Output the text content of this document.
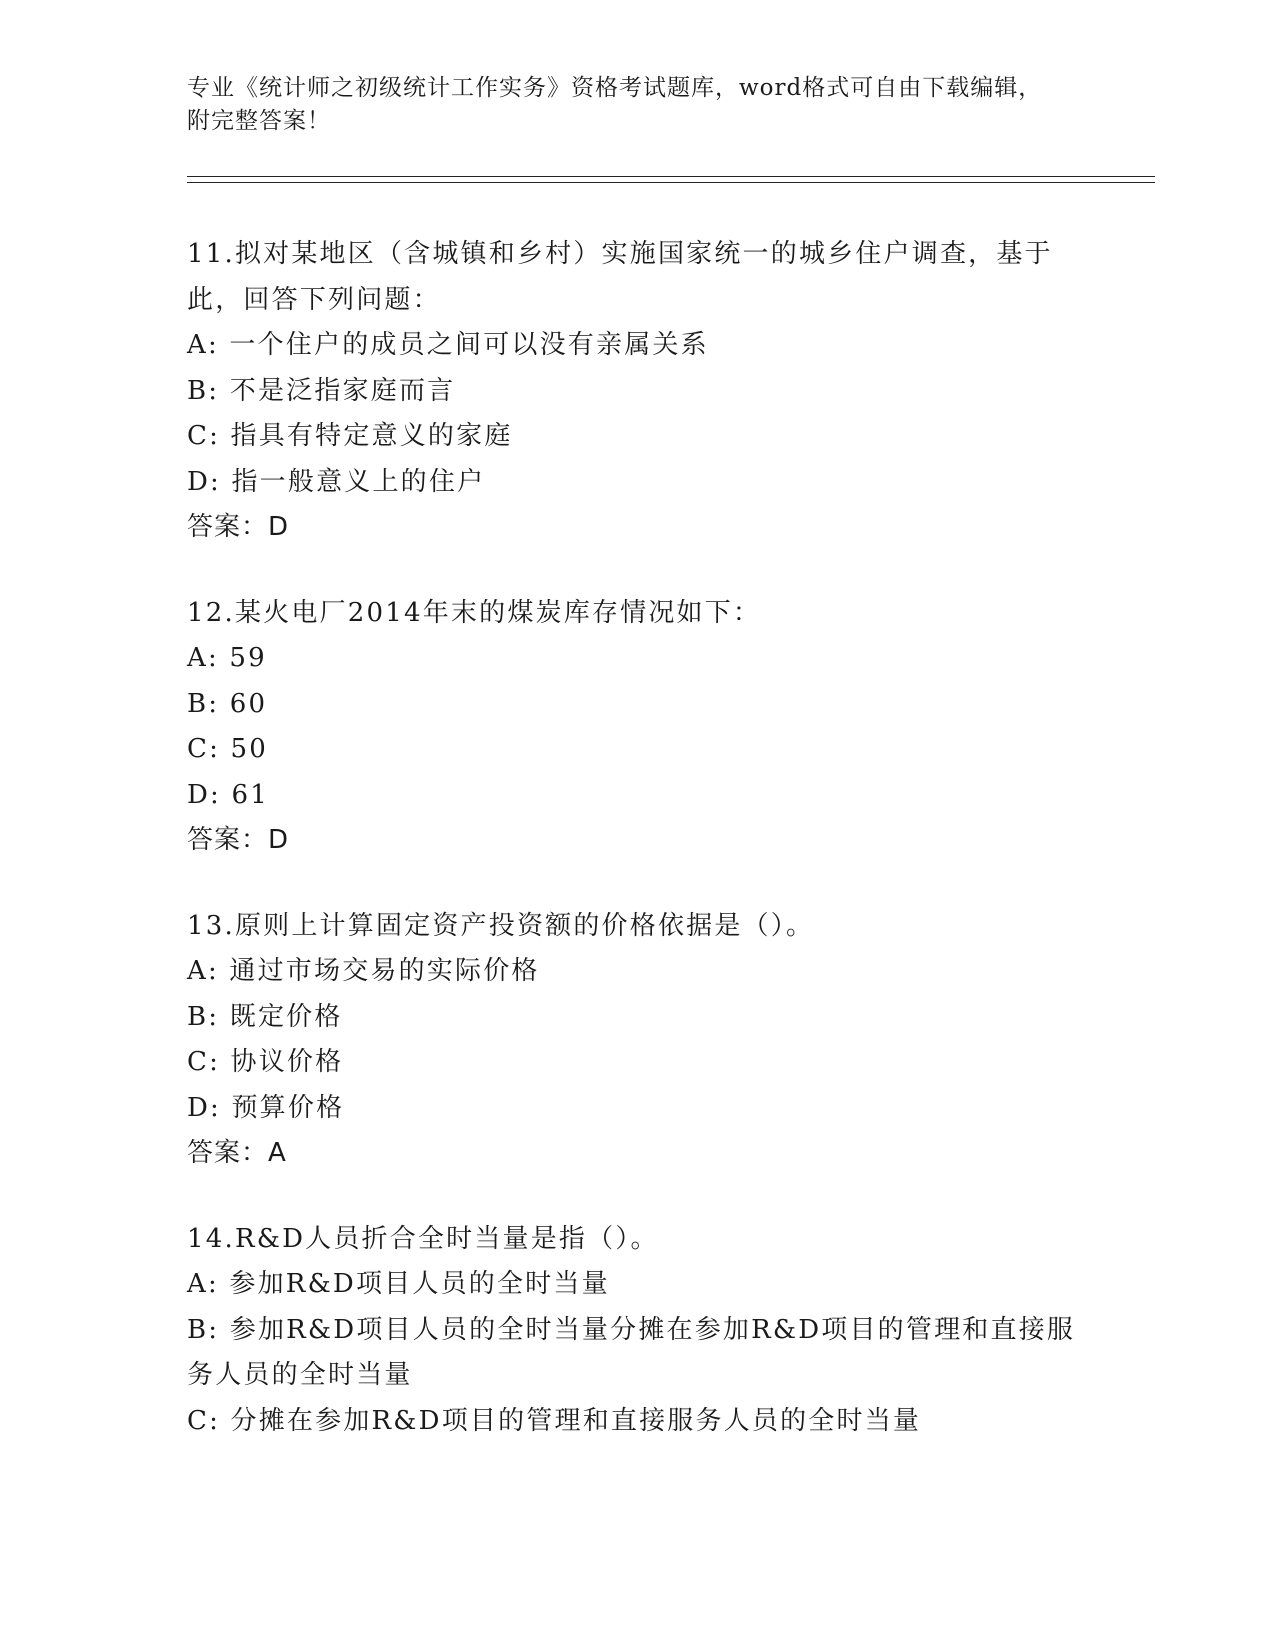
专业《统计师之初级统计工作实务》资格考试题库，word格式可自由下载编辑，
附完整答案！
11.拟对某地区（含城镇和乡村）实施国家统一的城乡住户调查，基于
此，回答下列问题：
A: 一个住户的成员之间可以没有亲属关系
B: 不是泛指家庭而言
C: 指具有特定意义的家庭
D: 指一般意义上的住户
答案：D
12.某火电厂2014年末的煤炭库存情况如下：
A: 59
B: 60
C: 50
D: 61
答案：D
13.原则上计算固定资产投资额的价格依据是（）。
A: 通过市场交易的实际价格
B: 既定价格
C: 协议价格
D: 预算价格
答案：A
14.R&D人员折合全时当量是指（）。
A: 参加R&D项目人员的全时当量
B: 参加R&D项目人员的全时当量分摊在参加R&D项目的管理和直接服
务人员的全时当量
C: 分摊在参加R&D项目的管理和直接服务人员的全时当量
